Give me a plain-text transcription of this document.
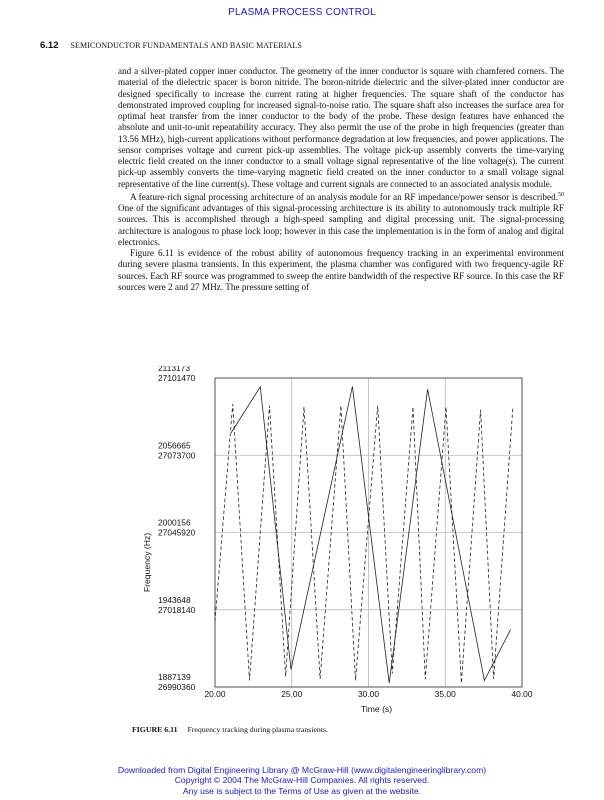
PLASMA PROCESS CONTROL
6.12 SEMICONDUCTOR FUNDAMENTALS AND BASIC MATERIALS

and a silver-plated copper inner conductor. The geometry of the inner conductor is square with chamfered corners. The material of the dielectric spacer is boron nitride. The boron-nitride dielectric and the silver-plated inner conductor are designed specifically to increase the current rating at higher frequencies. The square shaft of the conductor has demonstrated improved coupling for increased signal-to-noise ratio. The square shaft also increases the surface area for optimal heat transfer from the inner conductor to the body of the probe. These design features have enhanced the absolute and unit-to-unit repeatability accuracy. They also permit the use of the probe in high frequencies (greater than 13.56 MHz), high-current applications without performance degradation at low frequencies, and power applications. The sensor comprises voltage and current pick-up assemblies. The voltage pick-up assembly converts the time-varying electric field created on the inner conductor to a small voltage signal representative of the line voltage(s). The current pick-up assembly converts the time-varying magnetic field created on the inner conductor to a small voltage signal representative of the line current(s). These voltage and current signals are connected to an associated analysis module.

A feature-rich signal processing architecture of an analysis module for an RF impedance/power sensor is described.$^{50}$ One of the significant advantages of this signal-processing architecture is its ability to autonomously track multiple RF sources. This is accomplished through a high-speed sampling and digital processing unit. The signal-processing architecture is analogous to phase lock loop; however in this case the implementation is in the form of analog and digital electronics.

Figure 6.11 is evidence of the robust ability of autonomous frequency tracking in an experimental environment during severe plasma transients. In this experiment, the plasma chamber was configured with two frequency-agile RF sources. Each RF source was programmed to sweep the entire bandwidth of the respective RF source. In this case the RF sources were 2 and 27 MHz. The pressure setting of

2113173
27101470
2056665
27073700
2000156
27045920
1943648
27018140
1887139
26990360
20.00	25.00	30.00	35.00	40.00
Time (s)
Frequency (Hz)
FIGURE 6.11 Frequency tracking during plasma transients.
Downloaded from Digital Engineering Library @ McGraw-Hill (www.digitalengineeringlibrary.com)
Copyright © 2004 The McGraw-Hill Companies. All rights reserved.
Any use is subject to the Terms of Use as given at the website.
